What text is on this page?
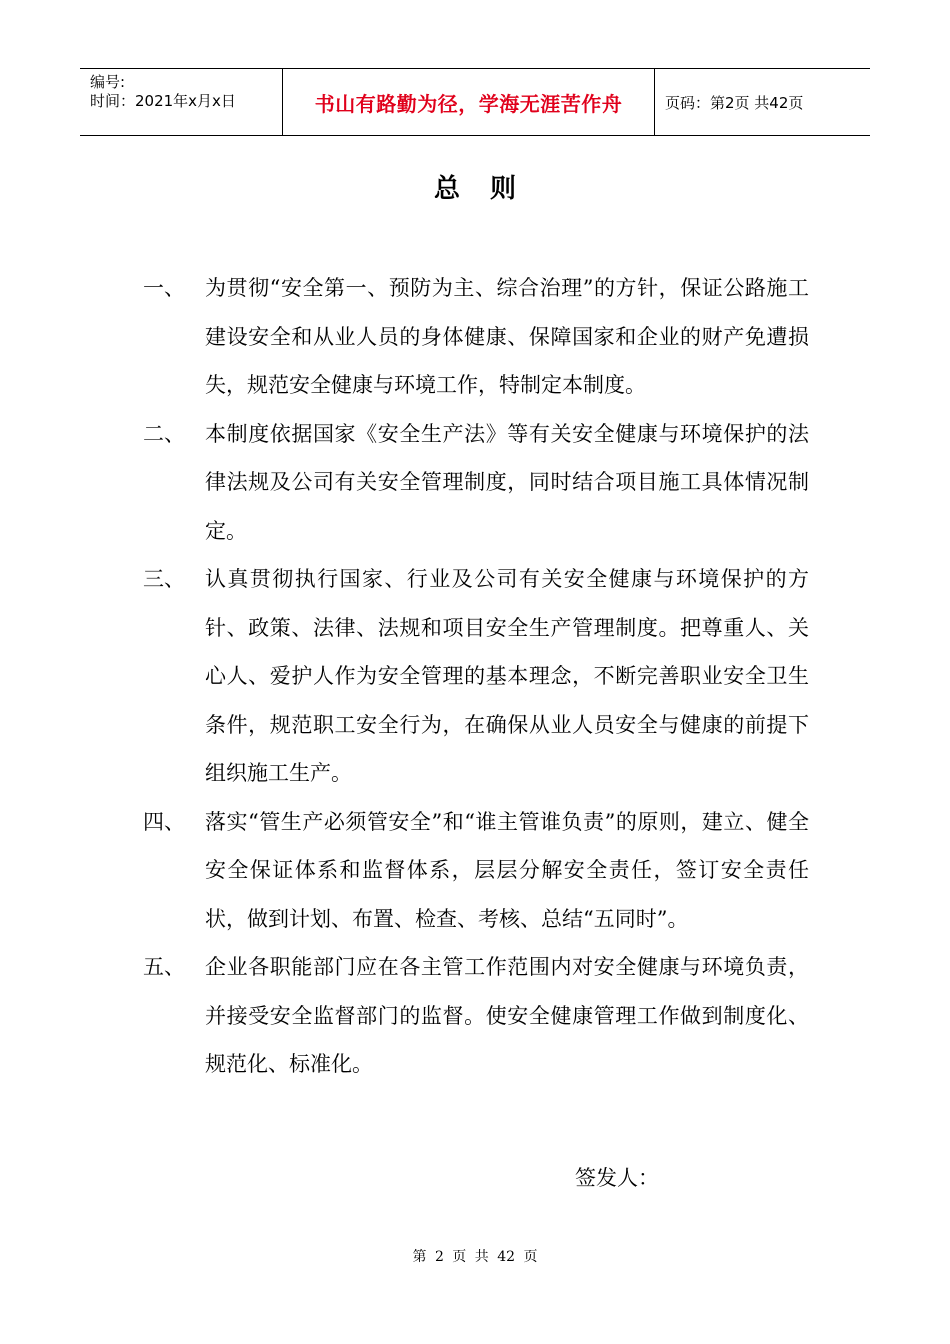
编号:
时间：2021年x月x日	书山有路勤为径，学海无涯苦作舟	页码：第2页 共42页
总则
一、 为贯彻“安全第一、预防为主、综合治理”的方针，保证公路施工建设安全和从业人员的身体健康、保障国家和企业的财产免遭损失，规范安全健康与环境工作，特制定本制度。
二、 本制度依据国家《安全生产法》等有关安全健康与环境保护的法律法规及公司有关安全管理制度，同时结合项目施工具体情况制定。
三、 认真贯彻执行国家、行业及公司有关安全健康与环境保护的方针、政策、法律、法规和项目安全生产管理制度。把尊重人、关心人、爱护人作为安全管理的基本理念，不断完善职业安全卫生条件，规范职工安全行为，在确保从业人员安全与健康的前提下组织施工生产。
四、 落实“管生产必须管安全”和“谁主管谁负责”的原则，建立、健全安全保证体系和监督体系，层层分解安全责任，签订安全责任状，做到计划、布置、检查、考核、总结“五同时”。
五、 企业各职能部门应在各主管工作范围内对安全健康与环境负责，并接受安全监督部门的监督。使安全健康管理工作做到制度化、规范化、标准化。
签发人：
第 2 页 共 42 页
